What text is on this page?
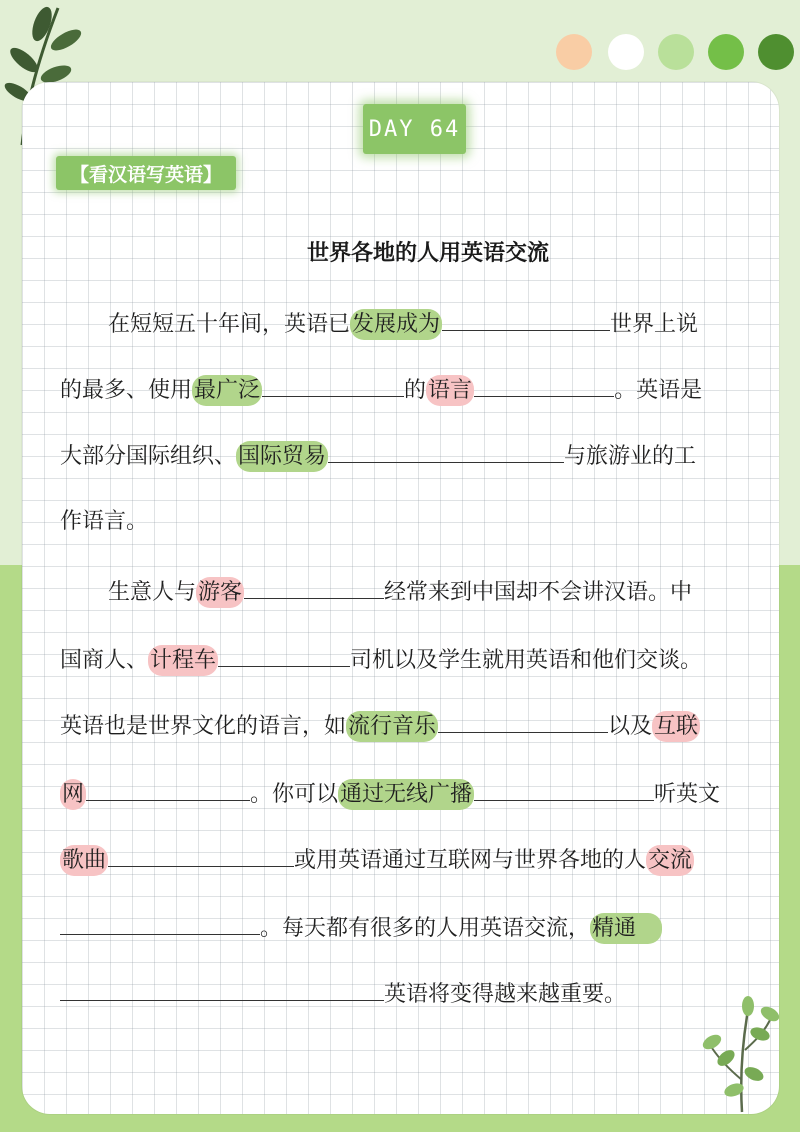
DAY 64
【看汉语写英语】
世界各地的人用英语交流
在短短五十年间，英语已发展成为	世界上说
的最多、使用最广泛	的语言	。英语是
大部分国际组织、国际贸易	与旅游业的工
作语言。
生意人与游客	经常来到中国却不会讲汉语。中
国商人、计程车	司机以及学生就用英语和他们交谈。
英语也是世界文化的语言，如流行音乐	以及互联
网	。你可以通过无线广播	听英文
歌曲	或用英语通过互联网与世界各地的人交流
。每天都有很多的人用英语交流，精通
英语将变得越来越重要。
